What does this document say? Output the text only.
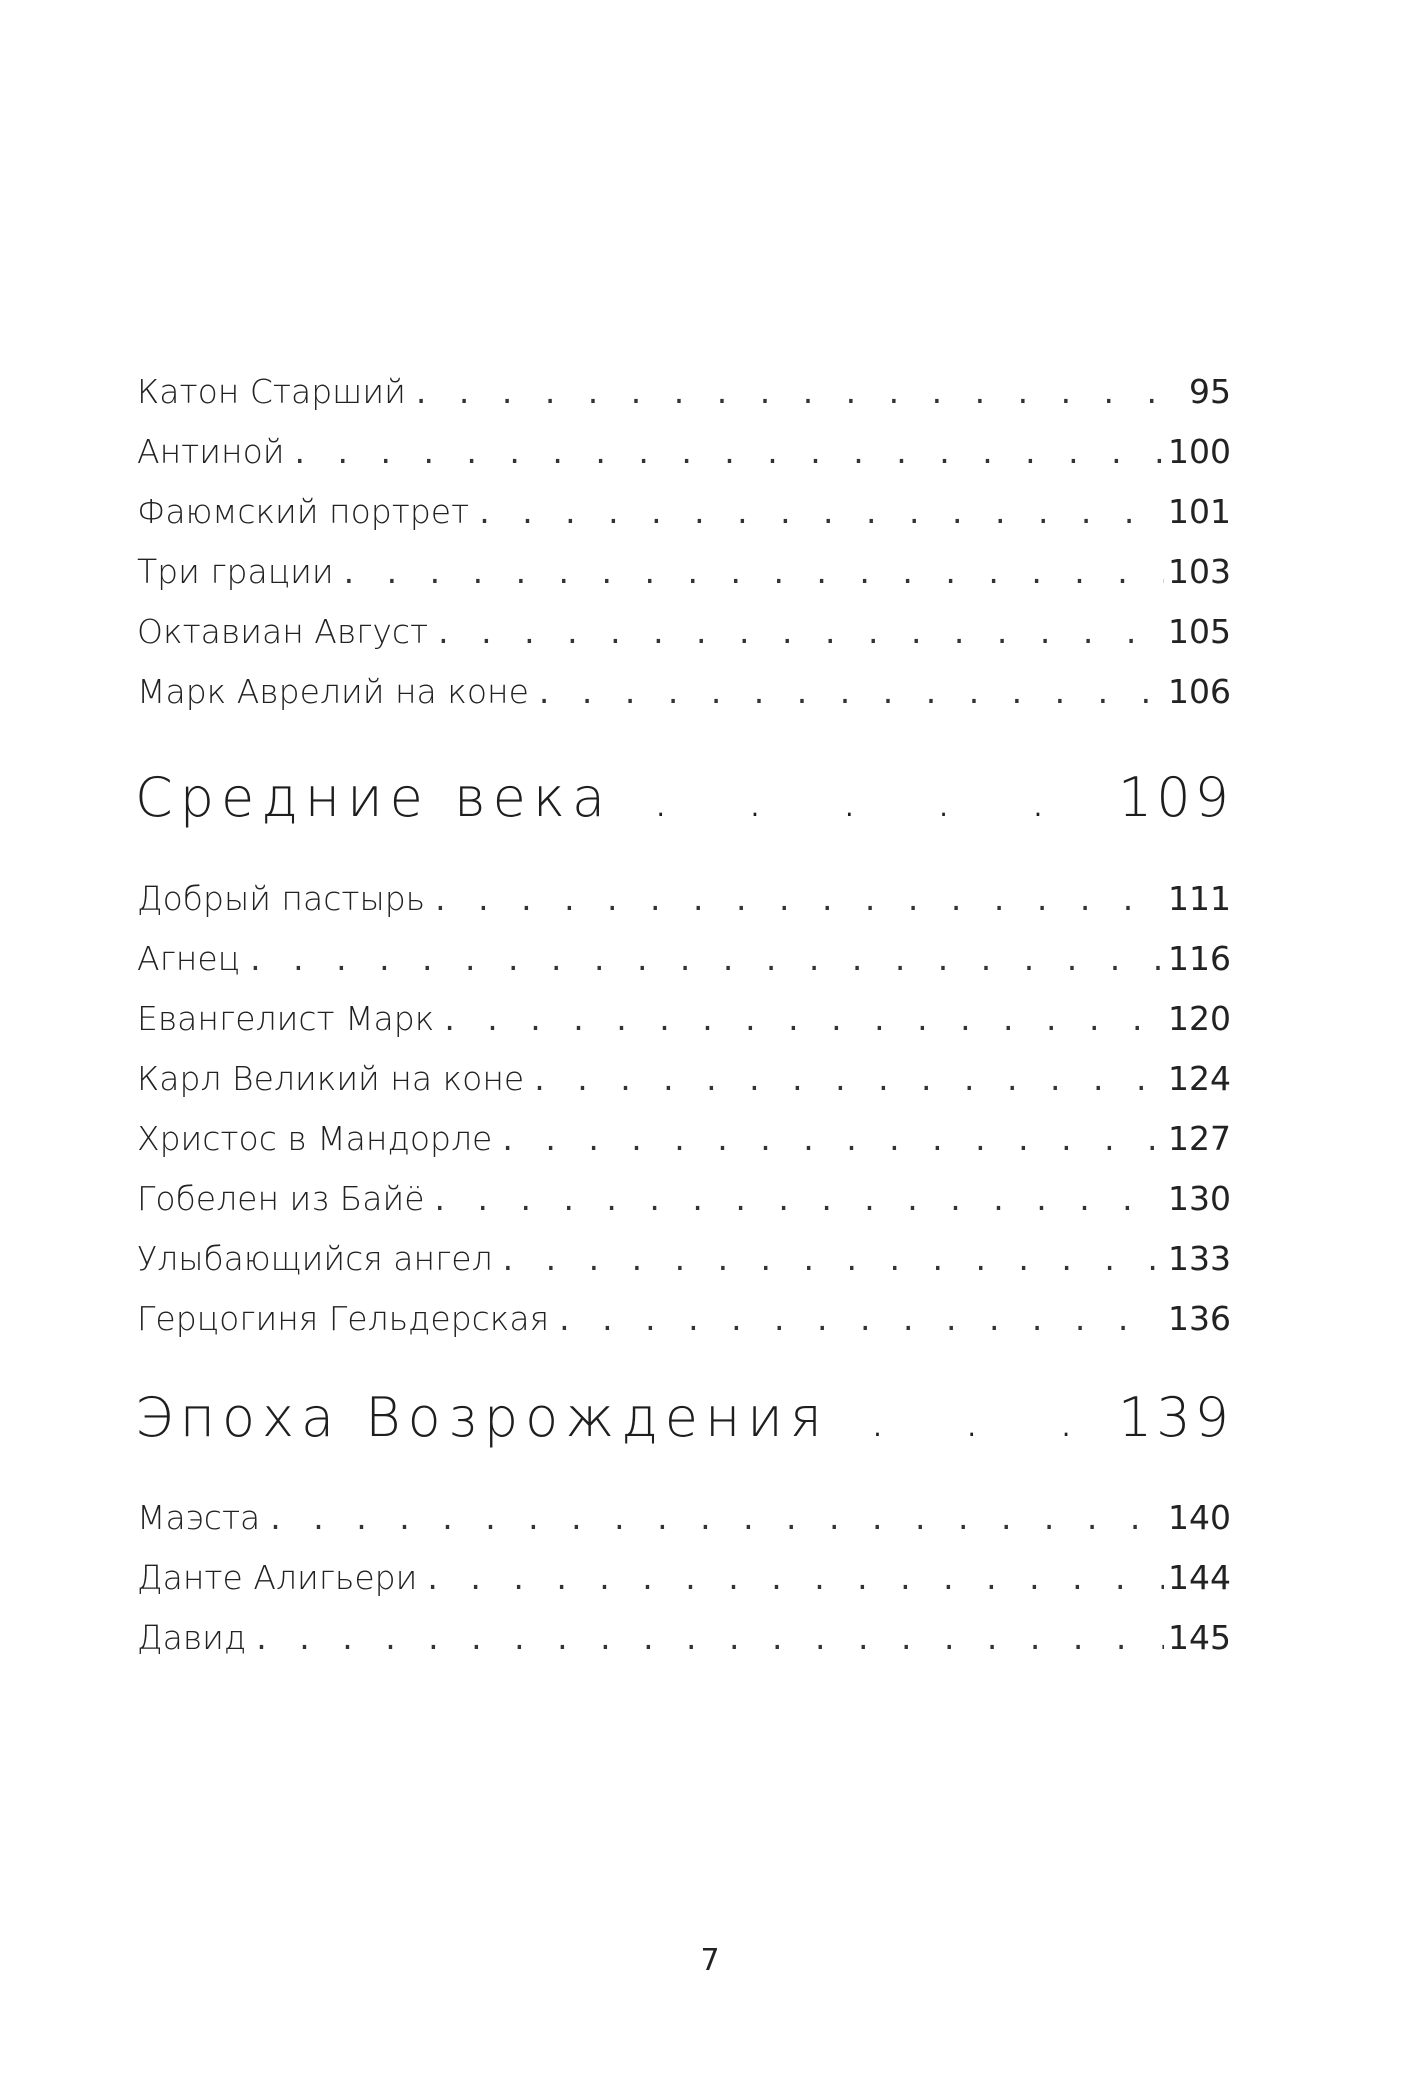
Катон Старший . . .	95
Антиной . . .	100
Фаюмский портрет . . .	101
Три грации . . .	103
Октавиан Август . . .	105
Марк Аврелий на коне . . .	106
Средние века . . .	109
Добрый пастырь . . .	111
Агнец . . .	116
Евангелист Марк . . .	120
Карл Великий на коне . . .	124
Христос в Мандорле . . .	127
Гобелен из Байё . . .	130
Улыбающийся ангел . . .	133
Герцогиня Гельдерская . . .	136
Эпоха Возрождения . . .	139
Маэста . . .	140
Данте Алигьери . . .	144
Давид . . .	145
7
